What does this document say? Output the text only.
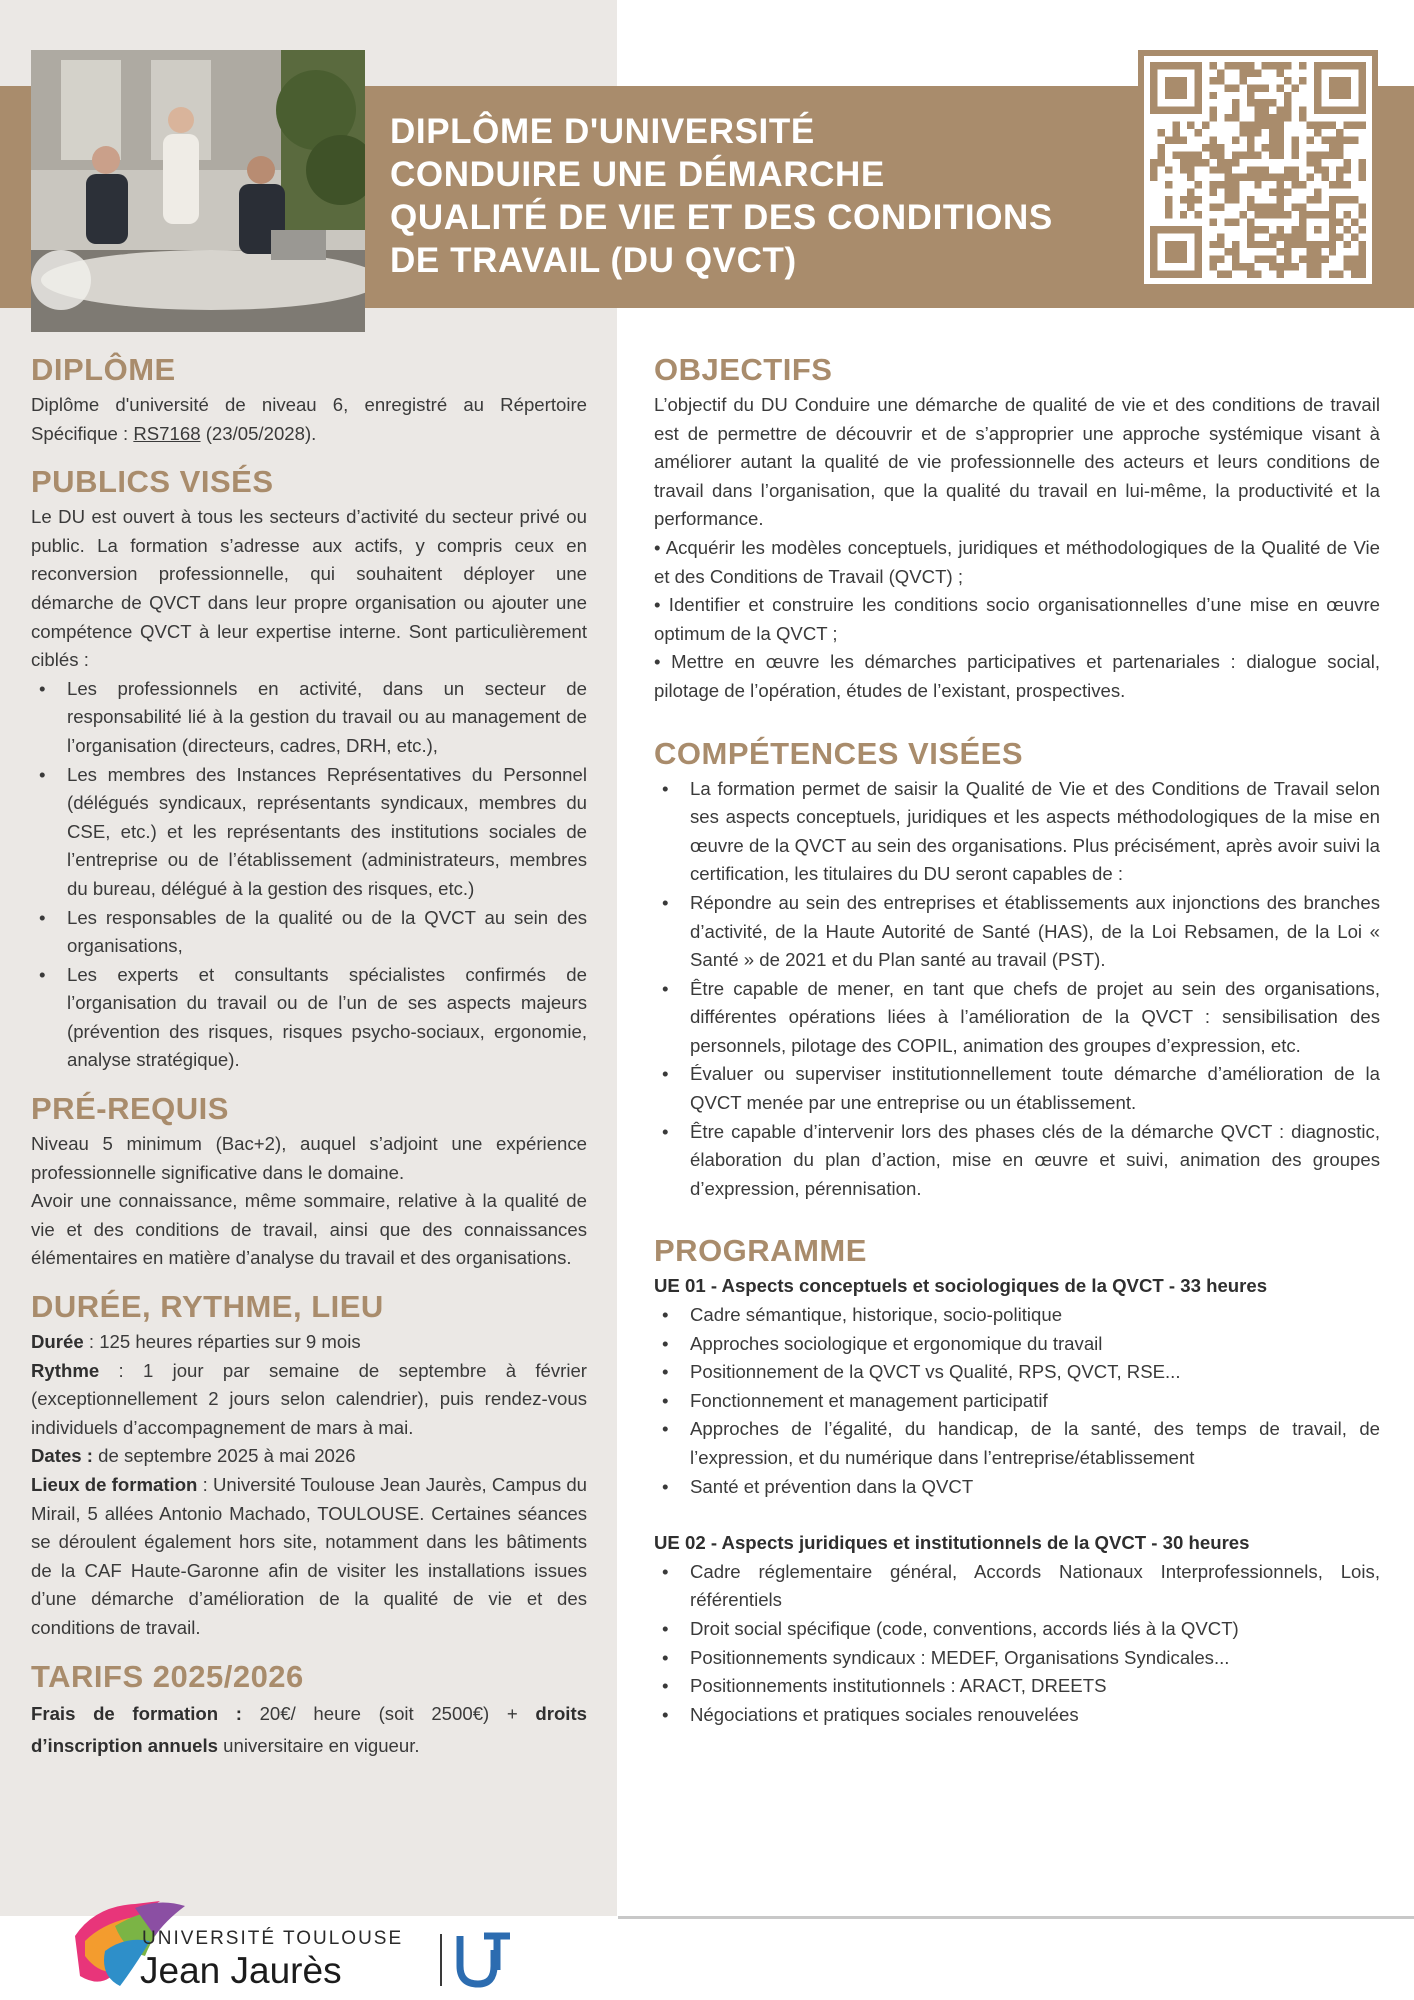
DIPLÔME D'UNIVERSITÉ
CONDUIRE UNE DÉMARCHE
QUALITÉ DE VIE ET DES CONDITIONS
DE TRAVAIL (DU QVCT)
DIPLÔME

Diplôme d'université de niveau 6, enregistré au Répertoire Spécifique : RS7168 (23/05/2028).

PUBLICS VISÉS

Le DU est ouvert à tous les secteurs d’activité du secteur privé ou public. La formation s’adresse aux actifs, y compris ceux en reconversion professionnelle, qui souhaitent déployer une démarche de QVCT dans leur propre organisation ou ajouter une compétence QVCT à leur expertise interne. Sont particulièrement ciblés :

• Les professionnels en activité, dans un secteur de responsabilité lié à la gestion du travail ou au management de l’organisation (directeurs, cadres, DRH, etc.),
• Les membres des Instances Représentatives du Personnel (délégués syndicaux, représentants syndicaux, membres du CSE, etc.) et les représentants des institutions sociales de l’entreprise ou de l’établissement (administrateurs, membres du bureau, délégué à la gestion des risques, etc.)
• Les responsables de la qualité ou de la QVCT au sein des organisations,
• Les experts et consultants spécialistes confirmés de l’organisation du travail ou de l’un de ses aspects majeurs (prévention des risques, risques psycho-sociaux, ergonomie, analyse stratégique).
PRÉ-REQUIS

Niveau 5 minimum (Bac+2), auquel s’adjoint une expérience professionnelle significative dans le domaine.

Avoir une connaissance, même sommaire, relative à la qualité de vie et des conditions de travail, ainsi que des connaissances élémentaires en matière d’analyse du travail et des organisations.

DURÉE, RYTHME, LIEU

Durée : 125 heures réparties sur 9 mois

Rythme : 1 jour par semaine de septembre à février (exceptionnellement 2 jours selon calendrier), puis rendez-vous individuels d’accompagnement de mars à mai.

Dates : de septembre 2025 à mai 2026

Lieux de formation : Université Toulouse Jean Jaurès, Campus du Mirail, 5 allées Antonio Machado, TOULOUSE. Certaines séances se déroulent également hors site, notamment dans les bâtiments de la CAF Haute-Garonne afin de visiter les installations issues d’une démarche d’amélioration de la qualité de vie et des conditions de travail.

TARIFS 2025/2026

Frais de formation : 20€/ heure (soit 2500€) + droits d’inscription annuels universitaire en vigueur.

OBJECTIFS

L’objectif du DU Conduire une démarche de qualité de vie et des conditions de travail est de permettre de découvrir et de s’approprier une approche systémique visant à améliorer autant la qualité de vie professionnelle des acteurs et leurs conditions de travail dans l’organisation, que la qualité du travail en lui-même, la productivité et la performance.

• Acquérir les modèles conceptuels, juridiques et méthodologiques de la Qualité de Vie et des Conditions de Travail (QVCT) ;

• Identifier et construire les conditions socio organisationnelles d’une mise en œuvre optimum de la QVCT ;

• Mettre en œuvre les démarches participatives et partenariales : dialogue social, pilotage de l’opération, études de l’existant, prospectives.

COMPÉTENCES VISÉES
• La formation permet de saisir la Qualité de Vie et des Conditions de Travail selon ses aspects conceptuels, juridiques et les aspects méthodologiques de la mise en œuvre de la QVCT au sein des organisations. Plus précisément, après avoir suivi la certification, les titulaires du DU seront capables de :
• Répondre au sein des entreprises et établissements aux injonctions des branches d’activité, de la Haute Autorité de Santé (HAS), de la Loi Rebsamen, de la Loi « Santé » de 2021 et du Plan santé au travail (PST).
• Être capable de mener, en tant que chefs de projet au sein des organisations, différentes opérations liées à l’amélioration de la QVCT : sensibilisation des personnels, pilotage des COPIL, animation des groupes d’expression, etc.
• Évaluer ou superviser institutionnellement toute démarche d’amélioration de la QVCT menée par une entreprise ou un établissement.
• Être capable d’intervenir lors des phases clés de la démarche QVCT : diagnostic, élaboration du plan d’action, mise en œuvre et suivi, animation des groupes d’expression, pérennisation.
PROGRAMME
UE 01 - Aspects conceptuels et sociologiques de la QVCT - 33 heures
• Cadre sémantique, historique, socio-politique
• Approches sociologique et ergonomique du travail
• Positionnement de la QVCT vs Qualité, RPS, QVCT, RSE...
• Fonctionnement et management participatif
• Approches de l’égalité, du handicap, de la santé, des temps de travail, de l’expression, et du numérique dans l’entreprise/établissement
• Santé et prévention dans la QVCT
UE 02 - Aspects juridiques et institutionnels de la QVCT - 30 heures
• Cadre réglementaire général, Accords Nationaux Interprofessionnels, Lois, référentiels
• Droit social spécifique (code, conventions, accords liés à la QVCT)
• Positionnements syndicaux : MEDEF, Organisations Syndicales...
• Positionnements institutionnels : ARACT, DREETS
• Négociations et pratiques sociales renouvelées
UNIVERSITÉ TOULOUSE
Jean Jaurès
